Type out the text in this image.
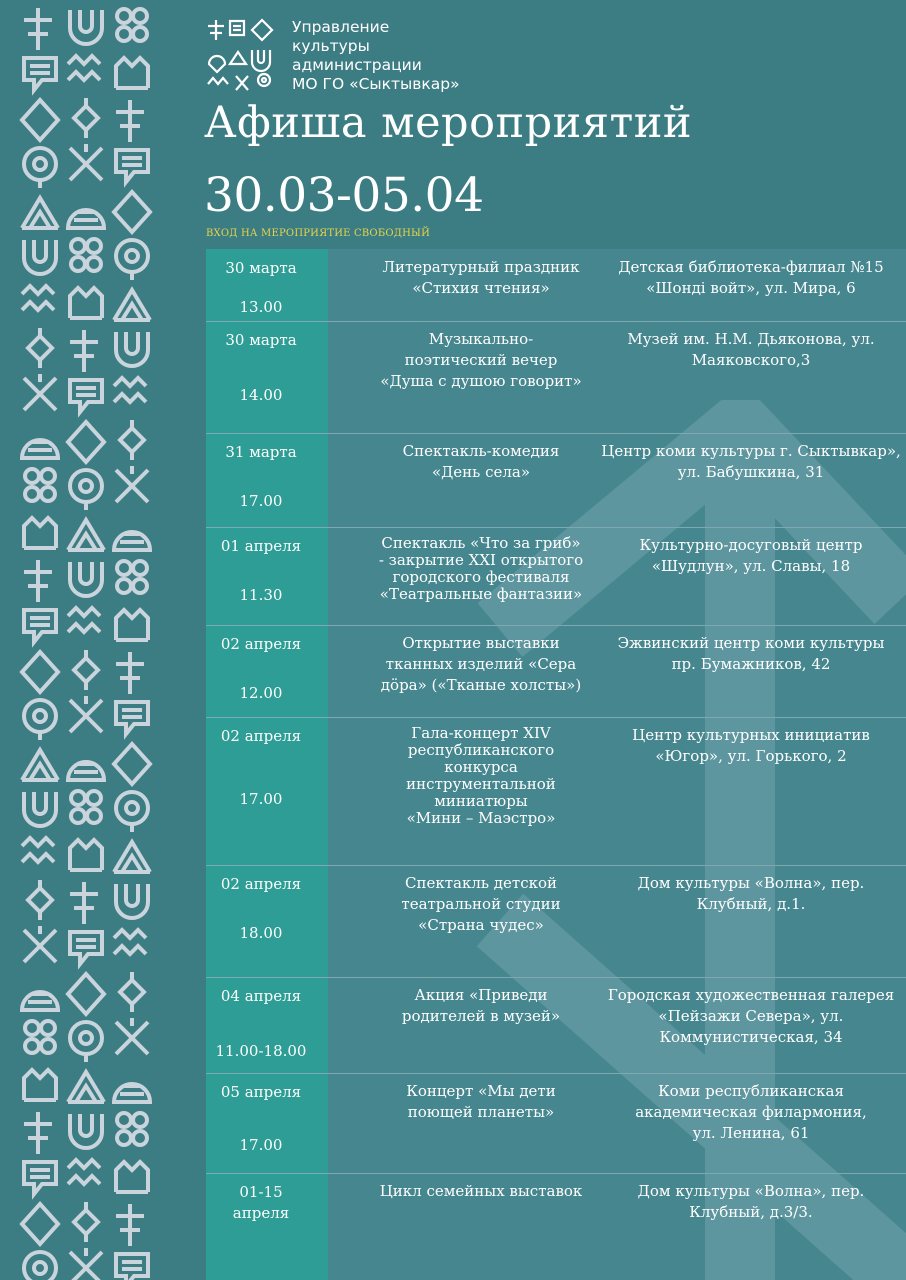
Управление
культуры
администрации
МО ГО «Сыктывкар»
Афиша мероприятий
30.03-05.04
ВХОД НА МЕРОПРИЯТИЕ СВОБОДНЫЙ
30 марта
13.00
Литературный праздник
«Стихия чтения»
Детская библиотека-филиал №15
«Шонді войт», ул. Мира, 6
30 марта
14.00
Музыкально-
поэтический вечер
«Душа с душою говорит»
Музей им. Н.М. Дьяконова, ул.
Маяковского,3
31 марта
17.00
Спектакль-комедия
«День села»
Центр коми культуры г. Сыктывкар»,
ул. Бабушкина, 31
01 апреля
11.30
Спектакль «Что за гриб»
- закрытие XXI открытого
городского фестиваля
«Театральные фантазии»
Культурно-досуговый центр
«Шудлун», ул. Славы, 18
02 апреля
12.00
Открытие выставки
тканных изделий «Сера
дӧра» («Тканые холсты»)
Эжвинский центр коми культуры
пр. Бумажников, 42
02 апреля
17.00
Гала-концерт XIV
республиканского
конкурса
инструментальной
миниатюры
«Мини – Маэстро»
Центр культурных инициатив
«Югор», ул. Горького, 2
02 апреля
18.00
Спектакль детской
театральной студии
«Страна чудес»
Дом культуры «Волна», пер.
Клубный, д.1.
04 апреля
11.00-18.00
Акция «Приведи
родителей в музей»
Городская художественная галерея
«Пейзажи Севера», ул.
Коммунистическая, 34
05 апреля
17.00
Концерт «Мы дети
поющей планеты»
Коми республиканская
академическая филармония,
ул. Ленина, 61
01-15
апреля
Цикл семейных выставок	Дом культуры «Волна», пер.
Клубный, д.3/3.
